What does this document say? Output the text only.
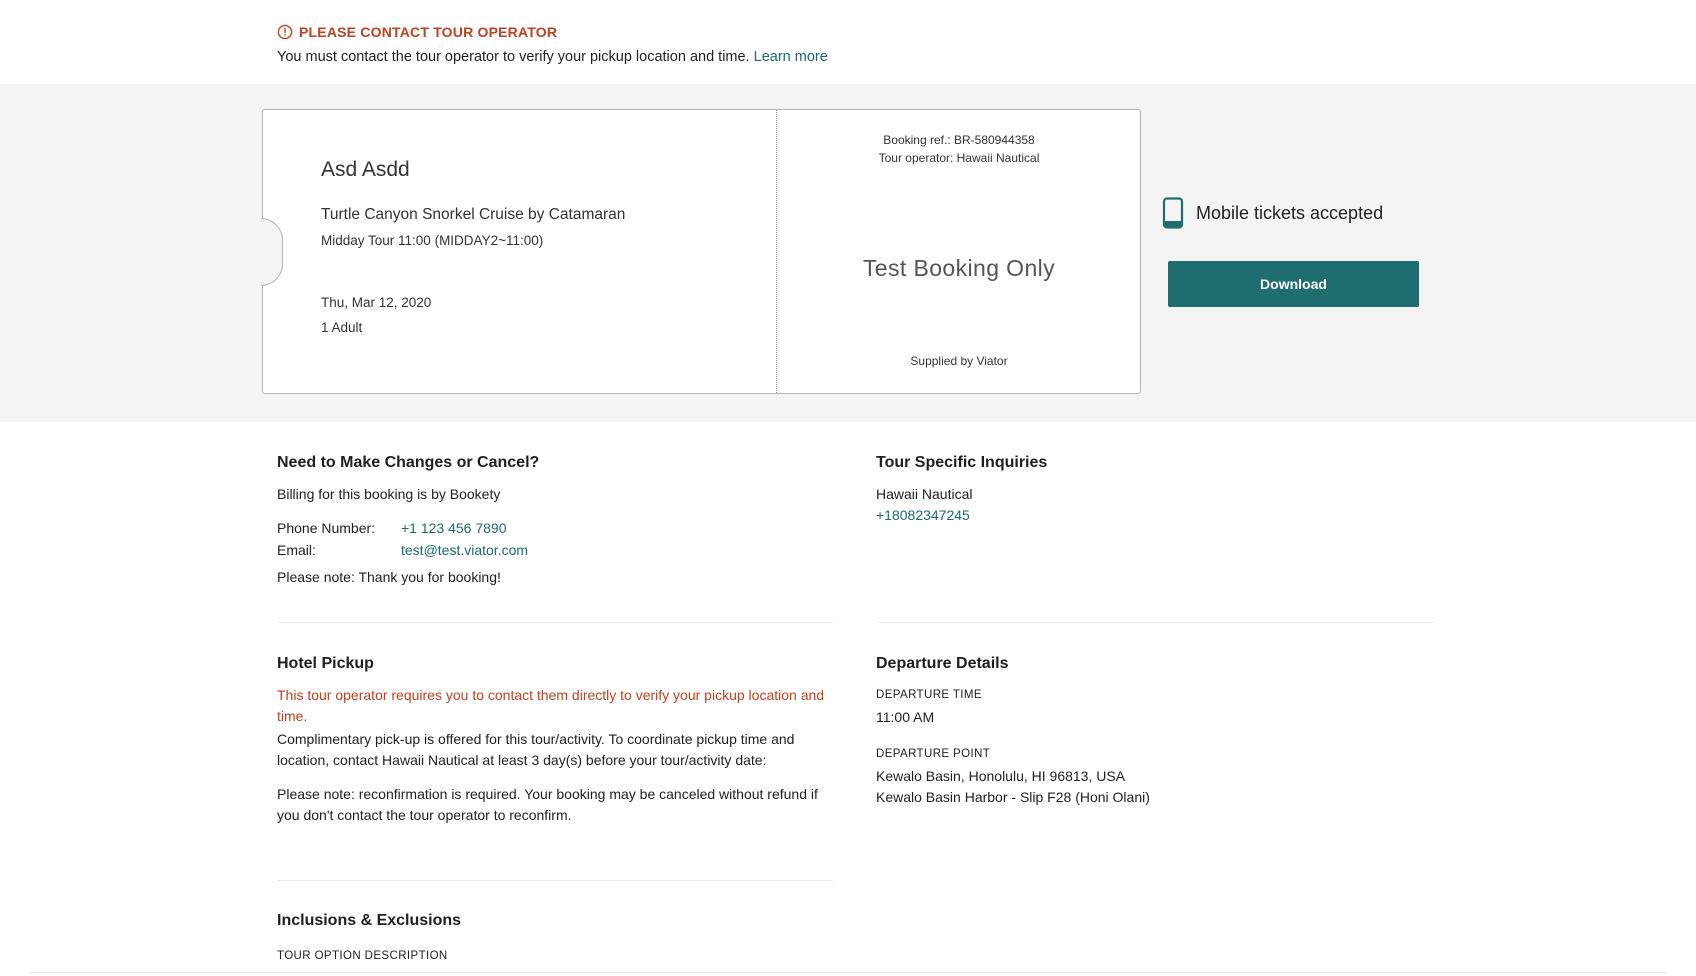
PLEASE CONTACT TOUR OPERATOR
You must contact the tour operator to verify your pickup location and time. Learn more
Asd Asdd
Turtle Canyon Snorkel Cruise by Catamaran
Midday Tour 11:00 (MIDDAY2~11:00)
Thu, Mar 12, 2020
1 Adult
Booking ref.: BR-580944358
Tour operator: Hawaii Nautical
Test Booking Only
Supplied by Viator
Mobile tickets accepted
Download
Need to Make Changes or Cancel?
Billing for this booking is by Bookety
Phone Number:	+1 123 456 7890
Email:	test@test.viator.com
Please note: Thank you for booking!
Tour Specific Inquiries
Hawaii Nautical
+18082347245
Hotel Pickup
This tour operator requires you to contact them directly to verify your pickup location and time.
Complimentary pick-up is offered for this tour/activity. To coordinate pickup time and location, contact Hawaii Nautical at least 3 day(s) before your tour/activity date:
Please note: reconfirmation is required. Your booking may be canceled without refund if you don't contact the tour operator to reconfirm.
Departure Details
DEPARTURE TIME
11:00 AM
DEPARTURE POINT
Kewalo Basin, Honolulu, HI 96813, USA
Kewalo Basin Harbor - Slip F28 (Honi Olani)
Inclusions & Exclusions
TOUR OPTION DESCRIPTION
